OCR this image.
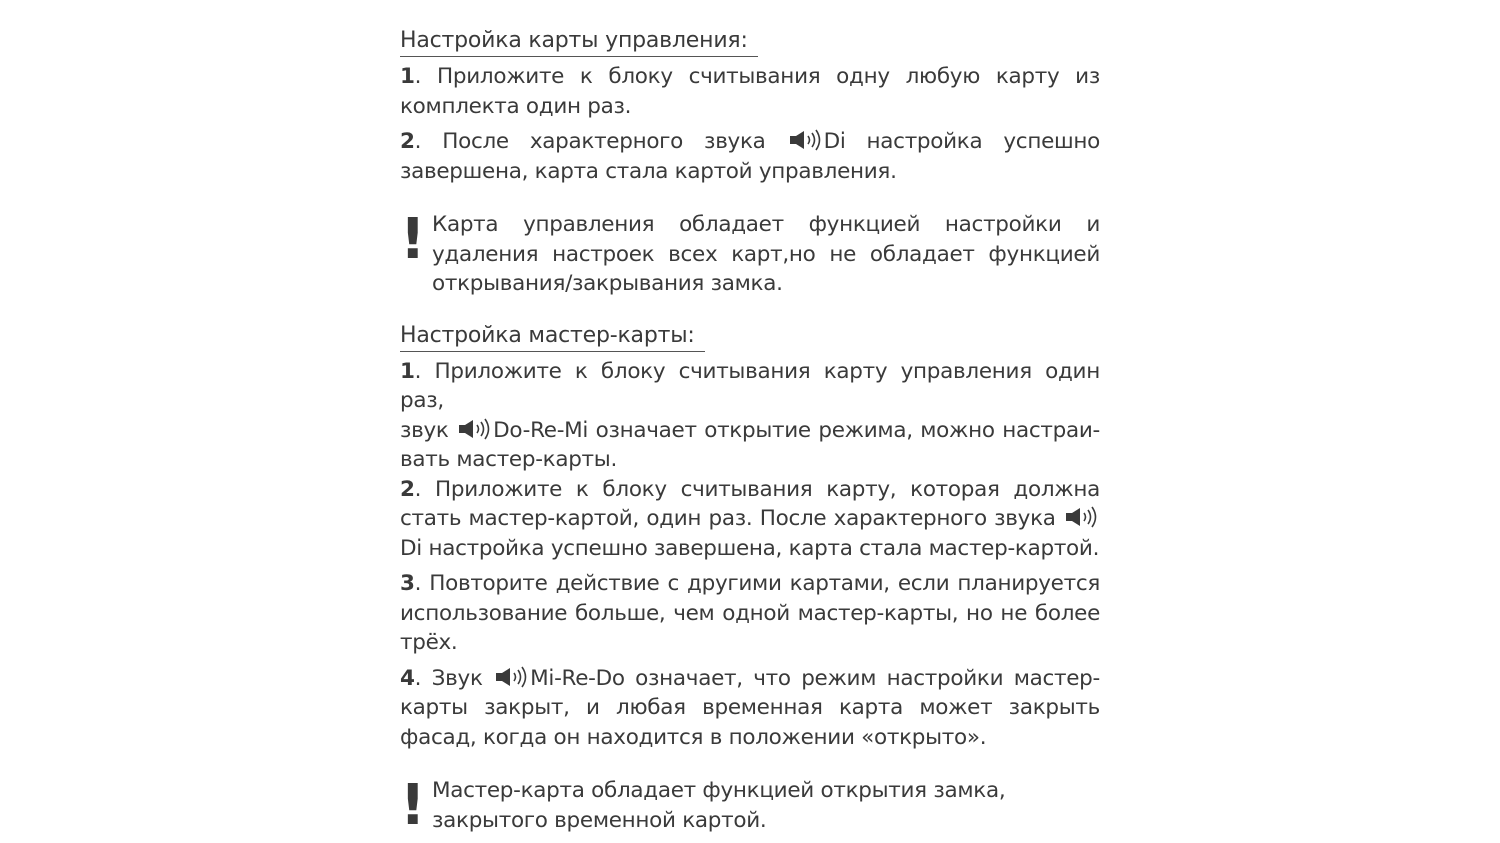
Настройка карты управления:

1. Приложите к блоку считывания одну любую карту из комплекта один раз.

2. После характерного звука Di настройка успешно завершена, карта стала картой управления.

! Карта управления обладает функцией настройки и удаления настроек всех карт,но не обладает функцией открывания/закрывания замка.

Настройка мастер-карты:

1. Приложите к блоку считывания карту управления один раз,
звук Do-Re-Mi означает открытие режима, можно настраи-вать мастер-карты.

2. Приложите к блоку считывания карту, которая должна стать мастер-картой, один раз. После характерного звука Di настройка успешно завершена, карта стала мастер-картой.

3. Повторите действие с другими картами, если планируется использование больше, чем одной мастер-карты, но не более трёх.

4. Звук Mi-Re-Do означает, что режим настройки мастер-карты закрыт, и любая временная карта может закрыть фасад, когда он находится в положении «открыто».

! Мастер-карта обладает функцией открытия замка,
закрытого временной картой.
